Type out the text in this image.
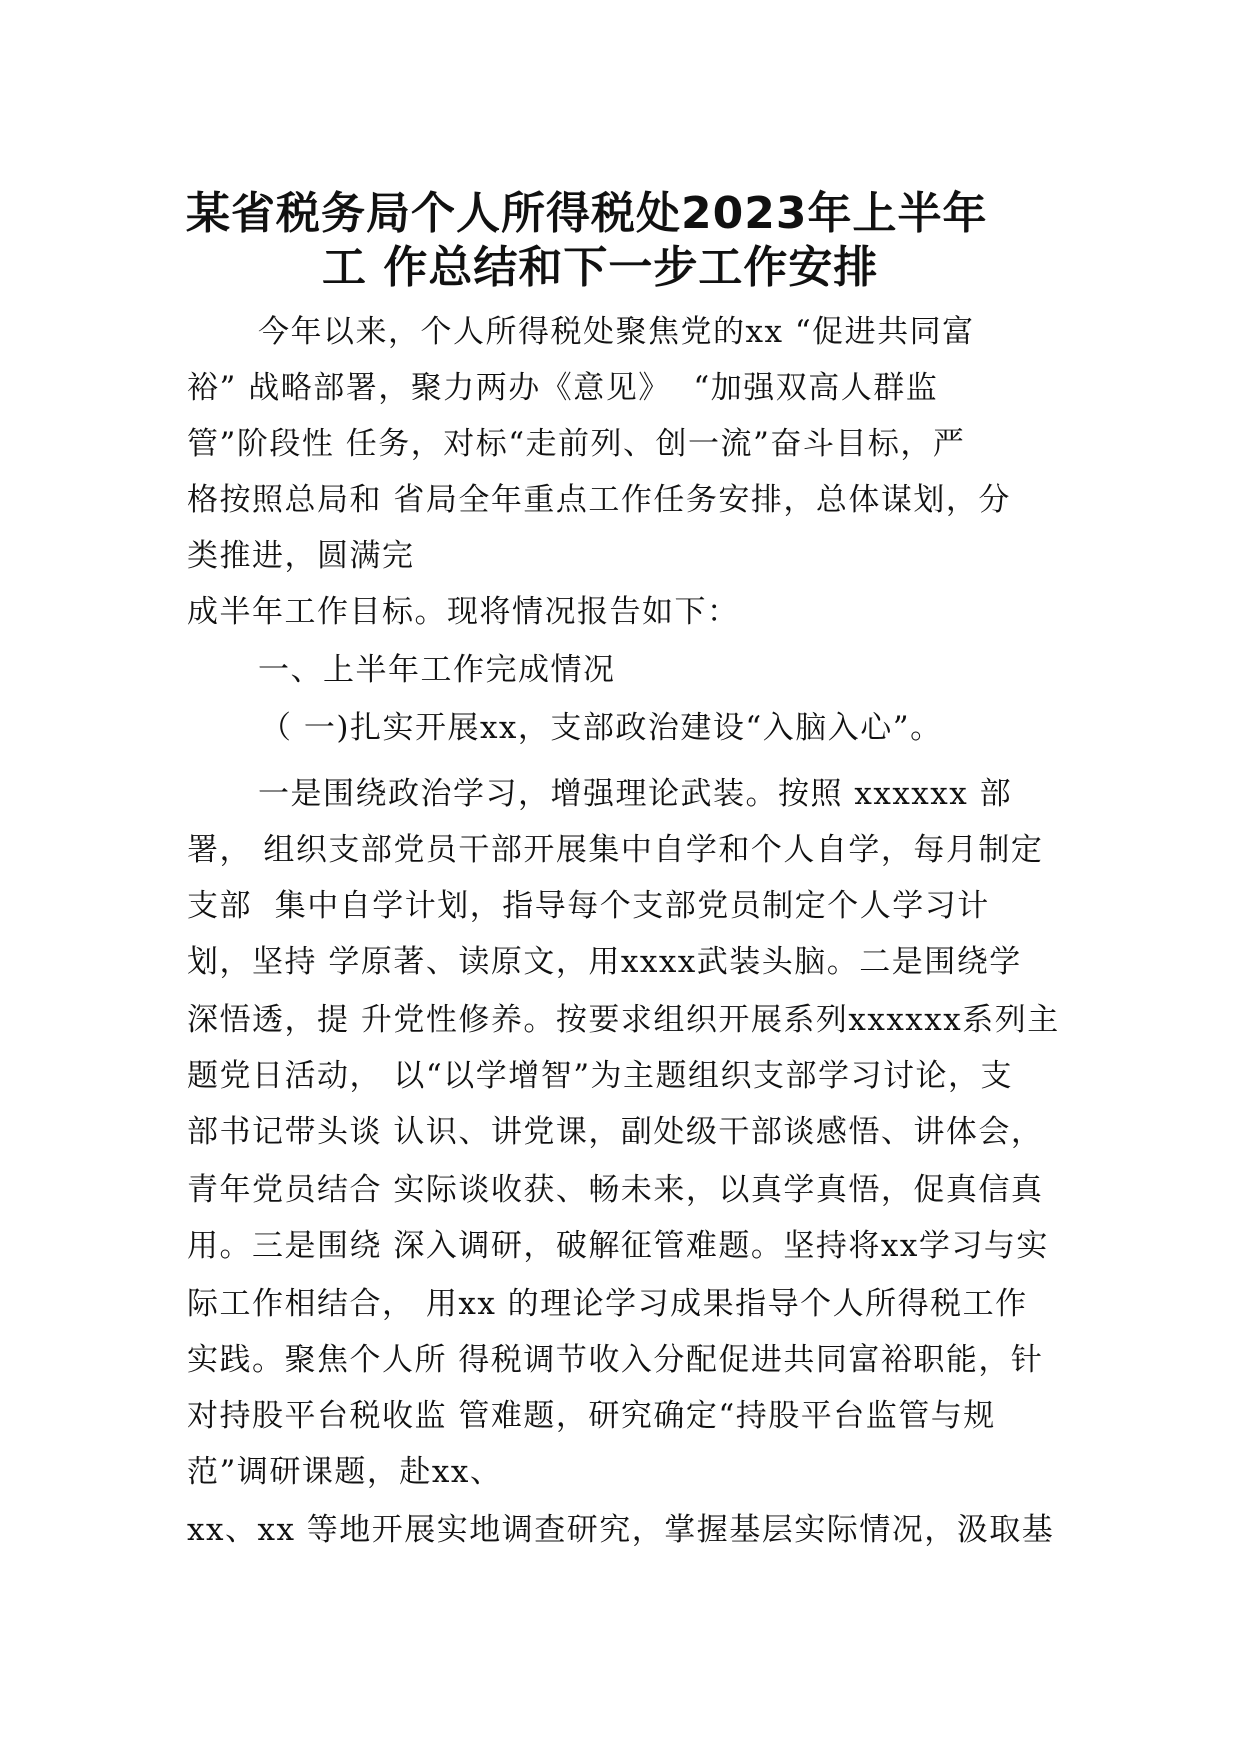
某省税务局个人所得税处2023年上半年
工 作总结和下一步工作安排
今年以来，个人所得税处聚焦党的xx “促进共同富
裕” 战略部署，聚力两办《意见》  “加强双高人群监
管”阶段性 任务，对标“走前列、创一流”奋斗目标，严
格按照总局和 省局全年重点工作任务安排，总体谋划，分
类推进，圆满完
成半年工作目标。现将情况报告如下：
一、上半年工作完成情况
（ 一)扎实开展xx，支部政治建设“入脑入心”。
一是围绕政治学习，增强理论武装。按照 xxxxxx 部
署， 组织支部党员干部开展集中自学和个人自学，每月制定
支部  集中自学计划，指导每个支部党员制定个人学习计
划，坚持 学原著、读原文，用xxxx武装头脑。二是围绕学
深悟透，提 升党性修养。按要求组织开展系列xxxxxx系列主
题党日活动， 以“以学增智”为主题组织支部学习讨论，支
部书记带头谈 认识、讲党课，副处级干部谈感悟、讲体会，
青年党员结合 实际谈收获、畅未来，以真学真悟，促真信真
用。三是围绕 深入调研，破解征管难题。坚持将xx学习与实
际工作相结合， 用xx 的理论学习成果指导个人所得税工作
实践。聚焦个人所 得税调节收入分配促进共同富裕职能，针
对持股平台税收监 管难题，研究确定“持股平台监管与规
范”调研课题，赴xx、
xx、xx 等地开展实地调查研究，掌握基层实际情况，汲取基
